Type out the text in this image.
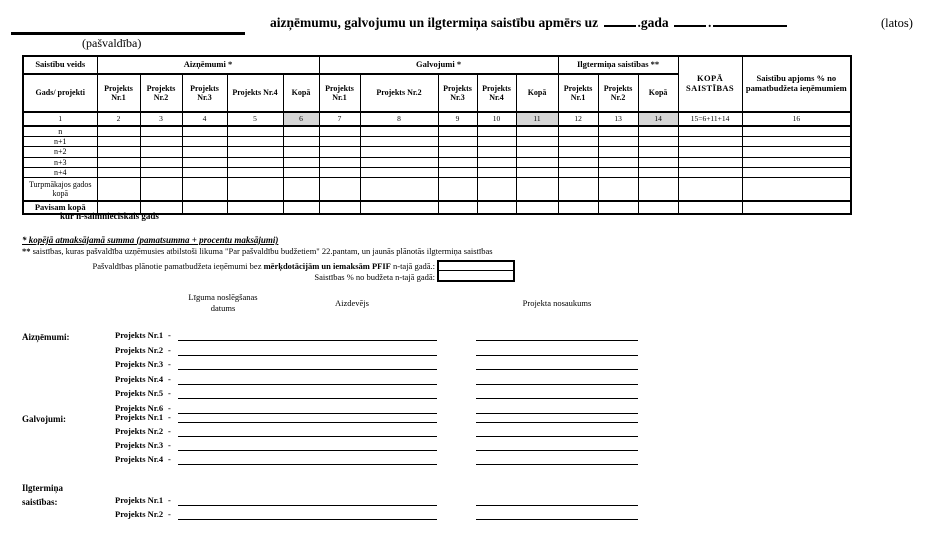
(pašvaldība)
aizņēmumu, galvojumu un ilgtermiņa saistību apmērs uz	.gada	.	(latos)
Saistību veids	Aizņēmumi *					Galvojumi *					Ilgtermiņa saistības **			KOPĀ SAISTĪBAS	Saistību apjoms % no pamatbudžeta ieņēmumiem
Gads/ projekti	Projekts Nr.1	Projekts Nr.2	Projekts Nr.3	Projekts Nr.4	Kopā	Projekts Nr.1	Projekts Nr.2	Projekts Nr.3	Projekts Nr.4	Kopā	Projekts Nr.1	Projekts Nr.2	Kopā		
1	2	3	4	5	6	7	8	9	10	11	12	13	14	15=6+11+14	16
n															
n+1															
n+2															
n+3															
n+4															
Turpmākajos gados kopā															
Pavisam kopā															
kur n-saimnieciskais gads
* kopējā atmaksājamā summa (pamatsumma + procentu maksājumi)
** saistības, kuras pašvaldība uzņēmusies atbilstoši likuma "Par pašvaldību budžetiem" 22.pantam, un jaunās plānotās ilgtermiņa saistības
Pašvaldības plānotie pamatbudžeta ieņēmumi bez mērķdotācijām un iemaksām PFIF n-tajā gadā.:
Saistības % no budžeta n-tajā gadā:
Līguma noslēgšanas datums
Aizdevējs	Projekta nosaukums
Aizņēmumi:
Galvojumi:
Ilgtermiņa saistības:
Projekts Nr.1 -
Projekts Nr.2 -
Projekts Nr.3 -
Projekts Nr.4 -
Projekts Nr.5 -
Projekts Nr.6 -
Projekts Nr.1 -
Projekts Nr.2 -
Projekts Nr.3 -
Projekts Nr.4 -
Projekts Nr.1 -
Projekts Nr.2 -
